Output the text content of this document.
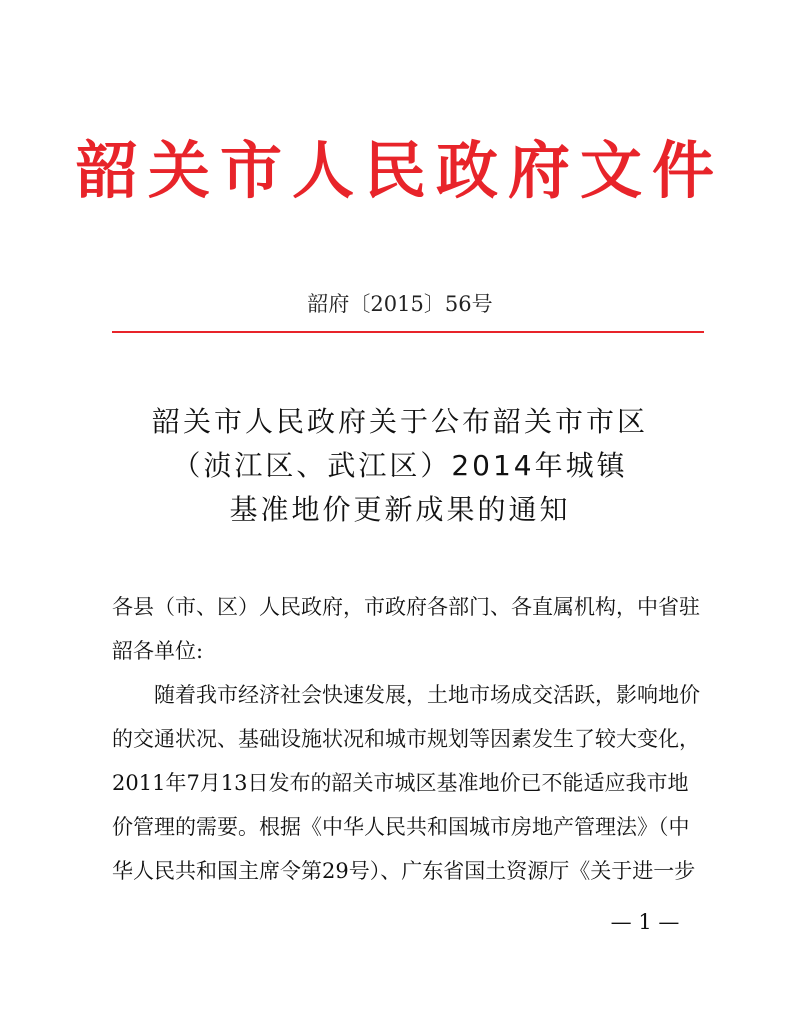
韶关市人民政府文件
韶府〔2015〕56号
韶关市人民政府关于公布韶关市市区
（浈江区、武江区）2014年城镇
基准地价更新成果的通知

各县（市、区）人民政府，市政府各部门、各直属机构，中省驻韶各单位:

随着我市经济社会快速发展，土地市场成交活跃，影响地价的交通状况、基础设施状况和城市规划等因素发生了较大变化，2011年7月13日发布的韶关市城区基准地价已不能适应我市地价管理的需要。根据《中华人民共和国城市房地产管理法》（中华人民共和国主席令第29号）、广东省国土资源厅《关于进一步

— 1 —
